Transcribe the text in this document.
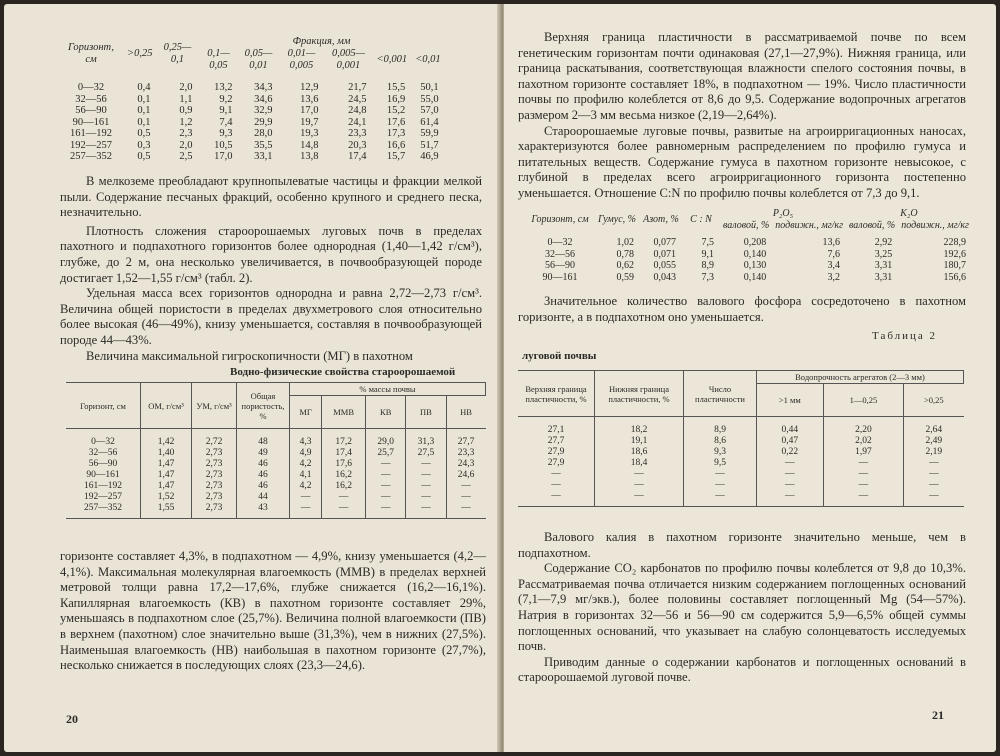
Горизонт, см	>0,25	0,25—0,1	Фракция, мм					
			0,1—0,05	0,05—0,01	0,01—0,005	0,005—0,001	<0,001	<0,01
0—32	0,4	2,0	13,2	34,3	12,9	21,7	15,5	50,1
32—56	0,1	1,1	9,2	34,6	13,6	24,5	16,9	55,0
56—90	0,1	0,9	9,1	32,9	17,0	24,8	15,2	57,0
90—161	0,1	1,2	7,4	29,9	19,7	24,1	17,6	61,4
161—192	0,5	2,3	9,3	28,0	19,3	23,3	17,3	59,9
192—257	0,3	2,0	10,5	35,5	14,8	20,3	16,6	51,7
257—352	0,5	2,5	17,0	33,1	13,8	17,4	15,7	46,9

В мелкоземе преобладают крупнопылеватые частицы и фракции мелкой пыли. Содержание песчаных фракций, особенно крупного и среднего песка, незначительно.

Плотность сложения староорошаемых луговых почв в пределах пахотного и подпахотного горизонтов более однородная (1,40—1,42 г/см³), глубже, до 2 м, она несколько увеличивается, в почвообразующей породе достигает 1,52—1,55 г/см³ (табл. 2).

Удельная масса всех горизонтов однородна и равна 2,72—2,73 г/см³. Величина общей пористости в пределах двухметрового слоя относительно более высокая (46—49%), книзу уменьшается, составляя в почвообразующей породе 44—43%.

Величина максимальной гигроскопичности (МГ) в пахотном

Водно-физические свойства староорошаемой
Горизонт, см	ОМ, г/см³	УМ, г/см³	Общая пористость, %	% массы почвы				
				МГ	ММВ	КВ	ПВ	НВ
0—32	1,42	2,72	48	4,3	17,2	29,0	31,3	27,7
32—56	1,40	2,73	49	4,9	17,4	25,7	27,5	23,3
56—90	1,47	2,73	46	4,2	17,6	—	—	24,3
90—161	1,47	2,73	46	4,1	16,2	—	—	24,6
161—192	1,47	2,73	46	4,2	16,2	—	—	—
192—257	1,52	2,73	44	—	—	—	—	—
257—352	1,55	2,73	43	—	—	—	—	—

горизонте составляет 4,3%, в подпахотном — 4,9%, книзу уменьшается (4,2—4,1%). Максимальная молекулярная влагоемкость (ММВ) в пределах верхней метровой толщи равна 17,2—17,6%, глубже снижается (16,2—16,1%). Капиллярная влагоемкость (КВ) в пахотном горизонте составляет 29%, уменьшаясь в подпахотном слое (25,7%). Величина полной влагоемкости (ПВ) в верхнем (пахотном) слое значительно выше (31,3%), чем в нижних (27,5%). Наименьшая влагоемкость (НВ) наибольшая в пахотном горизонте (27,7%), несколько снижается в последующих слоях (23,3—24,6).

20

Верхняя граница пластичности в рассматриваемой почве по всем генетическим горизонтам почти одинаковая (27,1—27,9%). Нижняя граница, или граница раскатывания, соответствующая влажности спелого состояния почвы, в пахотном горизонте составляет 18%, в подпахотном — 19%. Число пластичности почвы по профилю колеблется от 8,6 до 9,5. Содержание водопрочных агрегатов размером 2—3 мм весьма низкое (2,19—2,64%).

Староорошаемые луговые почвы, развитые на агроирригационных наносах, характеризуются более равномерным распределением по профилю гумуса и питательных веществ. Содержание гумуса в пахотном горизонте невысокое, с глубиной в пределах всего агроирригационного горизонта постепенно уменьшается. Отношение С:N по профилю почвы колеблется от 7,3 до 9,1.

Горизонт, см	Гумус, %	Азот, %	C : N	P₂O₅		K₂O	
				валовой, %	подвижн., мг/кг	валовой, %	подвижн., мг/кг
0—32	1,02	0,077	7,5	0,208	13,6	2,92	228,9
32—56	0,78	0,071	9,1	0,140	7,6	3,25	192,6
56—90	0,62	0,055	8,9	0,130	3,4	3,31	180,7
90—161	0,59	0,043	7,3	0,140	3,2	3,31	156,6

Значительное количество валового фосфора сосредоточено в пахотном горизонте, а в подпахотном оно уменьшается.

Таблица 2
луговой почвы
Верхняя граница пластичности, %	Нижняя граница пластичности, %	Число пластичности	Водопрочность агрегатов (2—3 мм)		
			>1 мм	1—0,25	>0,25
27,1	18,2	8,9	0,44	2,20	2,64
27,7	19,1	8,6	0,47	2,02	2,49
27,9	18,6	9,3	0,22	1,97	2,19
27,9	18,4	9,5	—	—	—
—	—	—	—	—	—
—	—	—	—	—	—
—	—	—	—	—	—

Валового калия в пахотном горизонте значительно меньше, чем в подпахотном.

Содержание CO₂ карбонатов по профилю почвы колеблется от 9,8 до 10,3%. Рассматриваемая почва отличается низким содержанием поглощенных оснований (7,1—7,9 мг/экв.), более половины составляет поглощенный Mg (54—57%). Натрия в горизонтах 32—56 и 56—90 см содержится 5,9—6,5% общей суммы поглощенных оснований, что указывает на слабую солонцеватость исследуемых почв.

Приводим данные о содержании карбонатов и поглощенных оснований в староорошаемой луговой почве.

21
